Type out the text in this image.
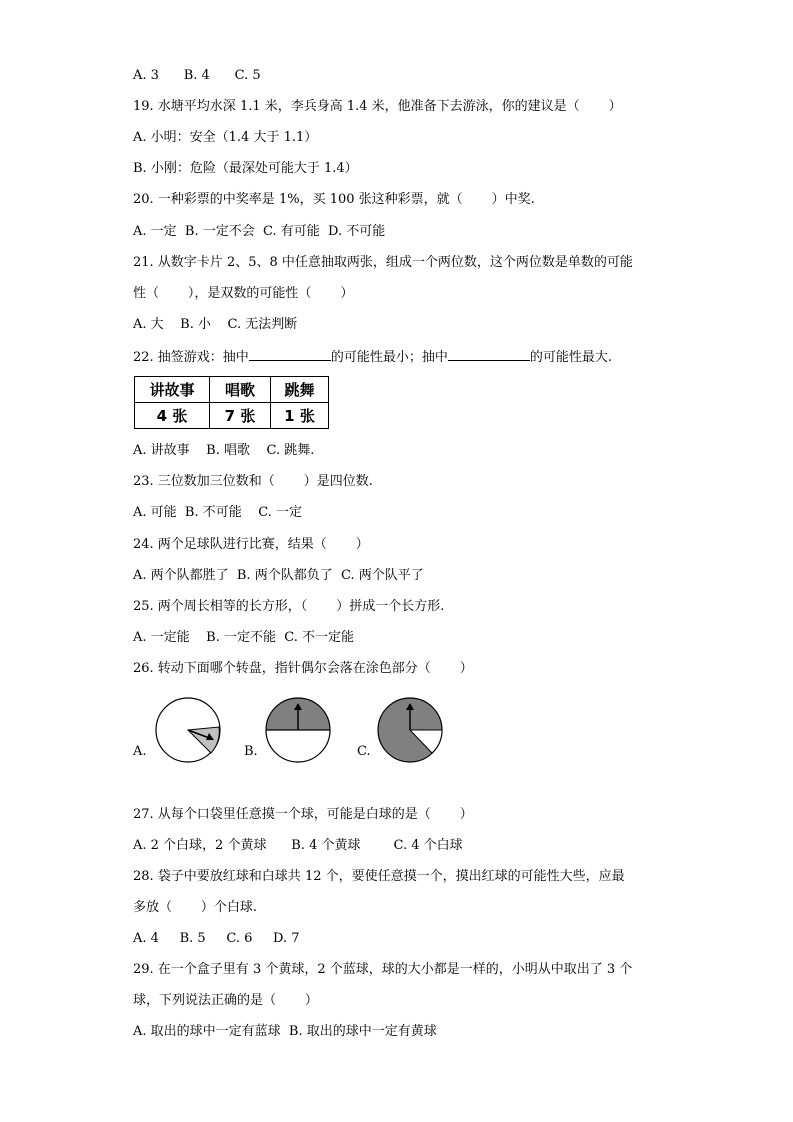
A. 3      B. 4      C. 5
19. 水塘平均水深 1.1 米，李兵身高 1.4 米，他准备下去游泳，你的建议是（       ）
A. 小明：安全（1.4 大于 1.1）
B. 小刚：危险（最深处可能大于 1.4）
20. 一种彩票的中奖率是 1%，买 100 张这种彩票，就（       ）中奖.
A. 一定  B. 一定不会  C. 有可能  D. 不可能
21. 从数字卡片 2、5、8 中任意抽取两张，组成一个两位数，这个两位数是单数的可能
性（       ），是双数的可能性（       ）
A. 大    B. 小    C. 无法判断
22. 抽签游戏：抽中	的可能性最小；抽中	的可能性最大.
讲故事	唱歌	跳舞
4 张	7 张	1 张
A. 讲故事    B. 唱歌    C. 跳舞.
23. 三位数加三位数和（       ）是四位数.
A. 可能  B. 不可能    C. 一定
24. 两个足球队进行比赛，结果（       ）
A. 两个队都胜了  B. 两个队都负了  C. 两个队平了
25. 两个周长相等的长方形，（       ）拼成一个长方形.
A. 一定能    B. 一定不能  C. 不一定能
26. 转动下面哪个转盘，指针偶尔会落在涂色部分（       ）
A.	B.	C.
27. 从每个口袋里任意摸一个球，可能是白球的是（       ）
A. 2 个白球，2 个黄球      B. 4 个黄球        C. 4 个白球
28. 袋子中要放红球和白球共 12 个，要使任意摸一个，摸出红球的可能性大些，应最
多放（       ）个白球.
A. 4     B. 5     C. 6     D. 7
29. 在一个盒子里有 3 个黄球，2 个蓝球，球的大小都是一样的，小明从中取出了 3 个
球，下列说法正确的是（       ）
A. 取出的球中一定有蓝球  B. 取出的球中一定有黄球
